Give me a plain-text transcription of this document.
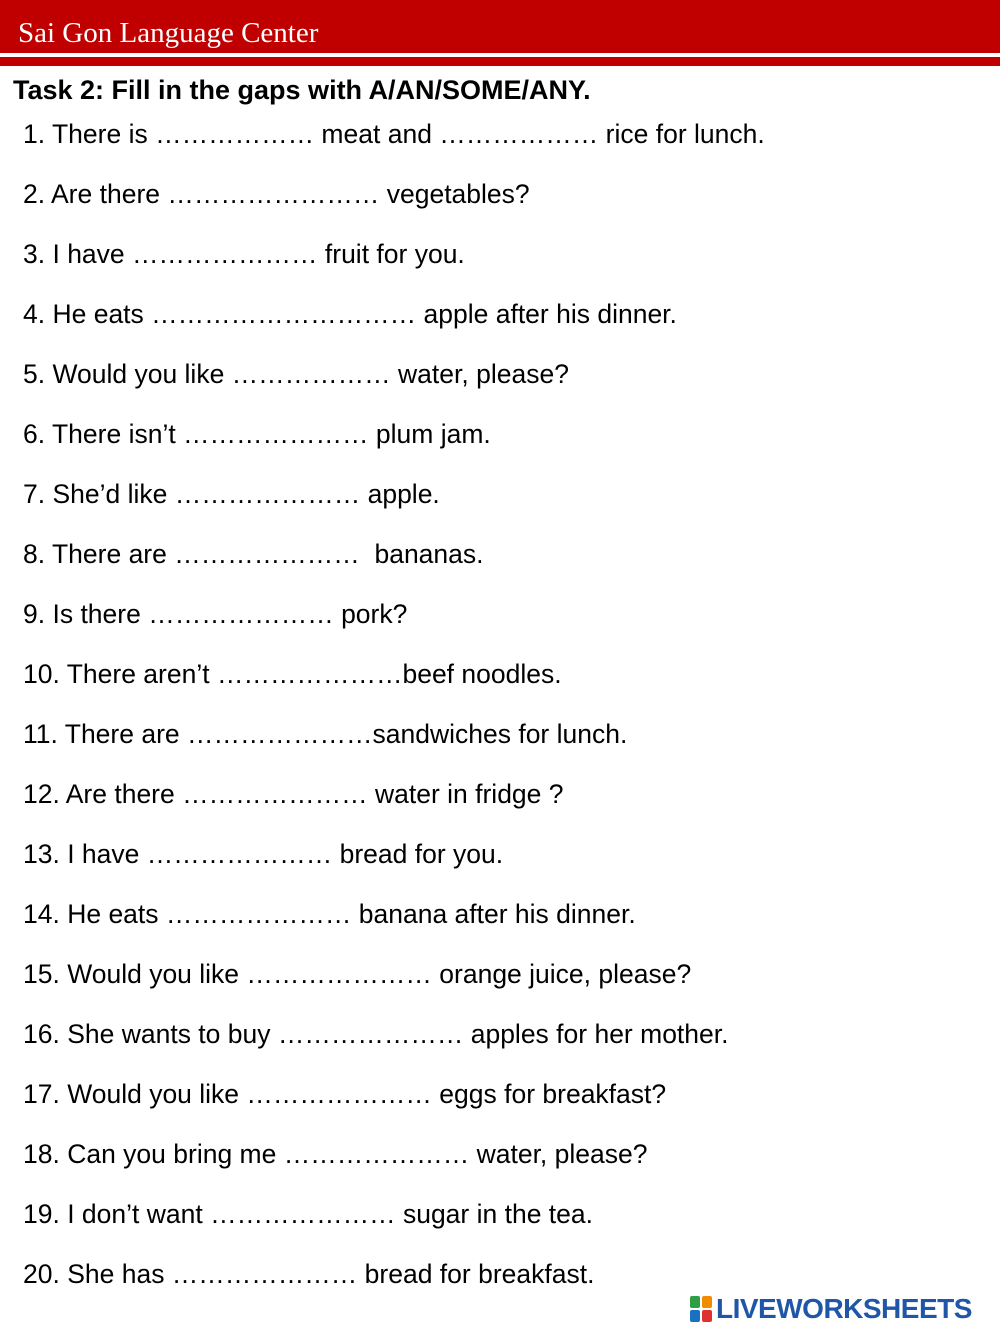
Sai Gon Language Center
Task 2: Fill in the gaps with A/AN/SOME/ANY.
1. There is ……………… meat and ……………… rice for lunch.
2. Are there …………………… vegetables?
3. I have ………………… fruit for you.
4. He eats ………………………… apple after his dinner.
5. Would you like ……………… water, please?
6. There isn’t ………………… plum jam.
7. She’d like ………………… apple.
8. There are …………………  bananas.
9. Is there ………………… pork?
10. There aren’t …………………beef noodles.
11. There are …………………sandwiches for lunch.
12. Are there ………………… water in fridge ?
13. I have ………………… bread for you.
14. He eats ………………… banana after his dinner.
15. Would you like ………………… orange juice, please?
16. She wants to buy ………………… apples for her mother.
17. Would you like ………………… eggs for breakfast?
18. Can you bring me ………………… water, please?
19. I don’t want ………………… sugar in the tea.
20. She has ………………… bread for breakfast.
LIVEWORKSHEETS
